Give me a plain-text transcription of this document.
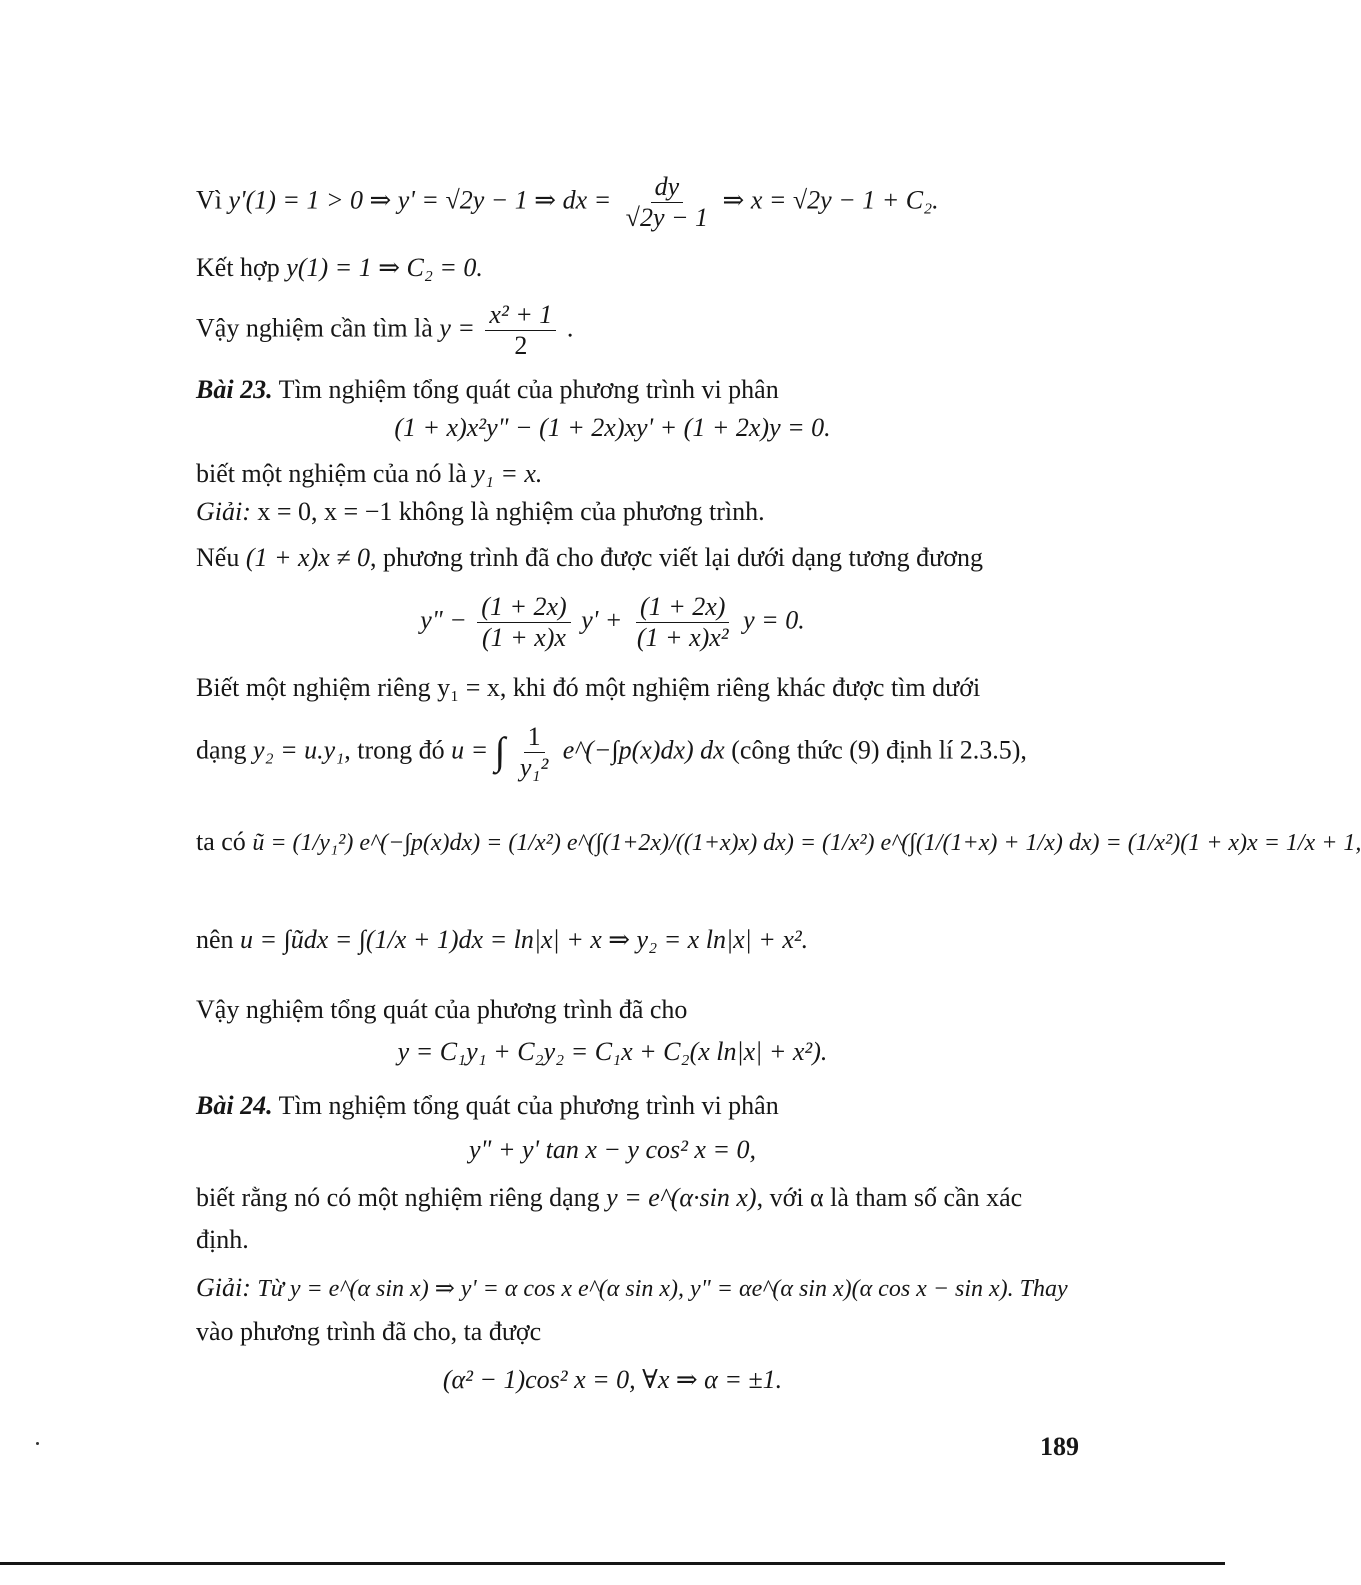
Vì y'(1) = 1 > 0 ⇒ y' = √2y − 1 ⇒ dx = $\frac{dy}{√2y - 1}$ ⇒ x = √2y − 1 + C₂.
Kết hợp y(1) = 1 ⇒ C₂ = 0.
Vậy nghiệm cần tìm là $y = \frac{\text{x² + 1}}{2}$ .
Bài 23. Tìm nghiệm tổng quát của phương trình vi phân
(1 + x)x²y" − (1 + 2x)xy' + (1 + 2x)y = 0.
biết một nghiệm của nó là y₁ = x.
Giải: x = 0, x = −1 không là nghiệm của phương trình.
Nếu (1 + x)x ≠ 0, phương trình đã cho được viết lại dưới dạng tương đương
y" − $\frac{(1 + 2x)}{(1 + x)x} y' + \frac{(1 + 2x)}{\text{(1 + x)x²}}$ y = 0.
Biết một nghiệm riêng y₁ = x, khi đó một nghiệm riêng khác được tìm dưới
dạng y₂ = u.y₁, trong đó u = ∫ $\frac{1}{\text{y₁²}}$ e^(−∫p(x)dx) dx (công thức (9) định lí 2.3.5),
ta có ũ = (1/y₁²) e^(−∫p(x)dx) = (1/x²) e^(∫(1+2x)/((1+x)x) dx) = (1/x²) e^(∫(1/(1+x) + 1/x) dx) = (1/x²)(1 + x)x = 1/x + 1,
nên u = ∫ũdx = ∫(1/x + 1)dx = ln|x| + x ⇒ y₂ = x ln|x| + x².
Vậy nghiệm tổng quát của phương trình đã cho
y = C₁y₁ + C₂y₂ = C₁x + C₂(x ln|x| + x²).
Bài 24. Tìm nghiệm tổng quát của phương trình vi phân
y" + y' tan x − y cos² x = 0,
biết rằng nó có một nghiệm riêng dạng y = e^(α·sin x), với α là tham số cần xác
định.
Giải: Từ y = e^(α sin x) ⇒ y' = α cos x e^(α sin x), y" = αe^(α sin x)(α cos x − sin x). Thay
vào phương trình đã cho, ta được
(α² − 1)cos² x = 0, ∀x ⇒ α = ±1.
189
